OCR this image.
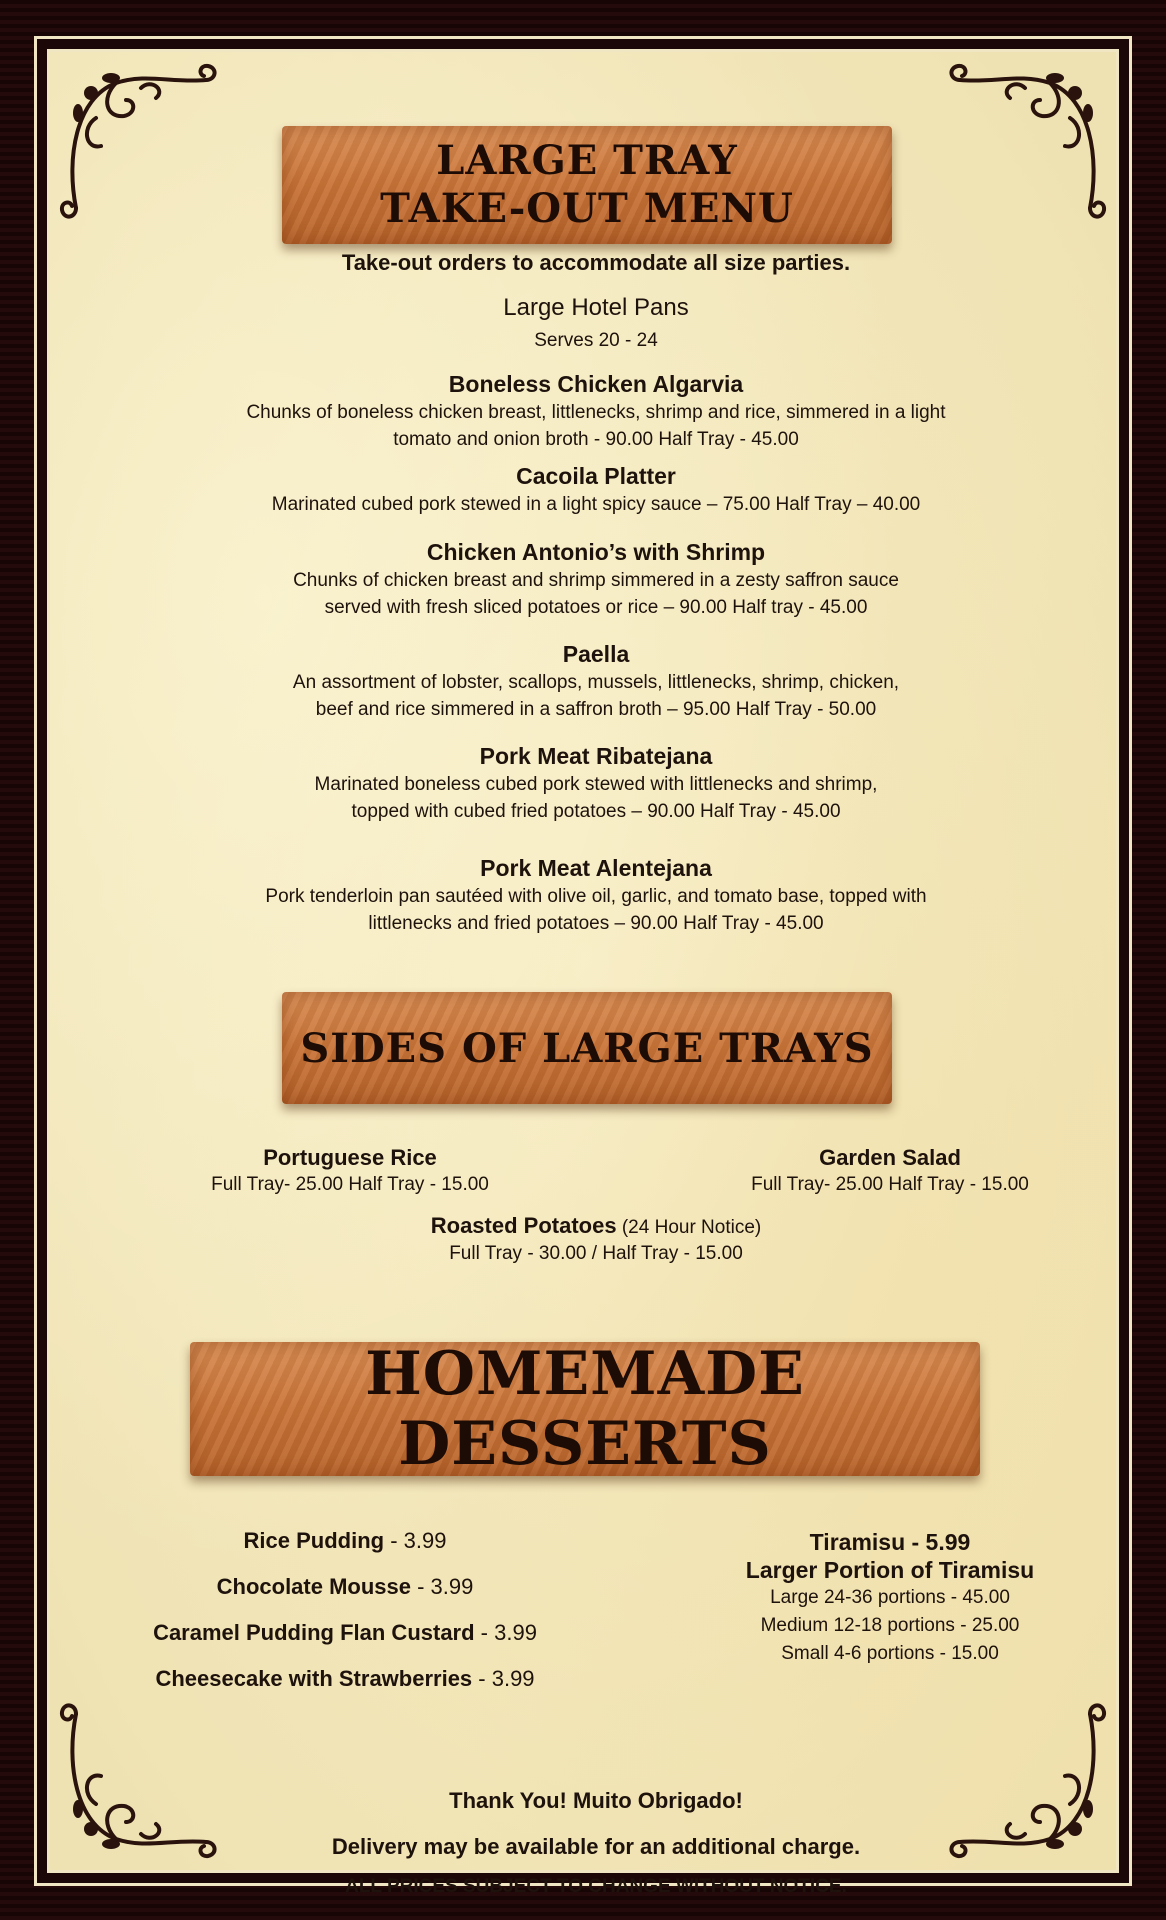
LARGE TRAY
TAKE-OUT MENU
Take-out orders to accommodate all size parties.
Large Hotel Pans
Serves 20 - 24

Boneless Chicken Algarvia

Chunks of boneless chicken breast, littlenecks, shrimp and rice, simmered in a light

tomato and onion broth - 90.00 Half Tray - 45.00

Cacoila Platter

Marinated cubed pork stewed in a light spicy sauce – 75.00 Half Tray – 40.00

Chicken Antonio’s with Shrimp

Chunks of chicken breast and shrimp simmered in a zesty saffron sauce

served with fresh sliced potatoes or rice – 90.00 Half tray - 45.00

Paella

An assortment of lobster, scallops, mussels, littlenecks, shrimp, chicken,

beef and rice simmered in a saffron broth – 95.00 Half Tray - 50.00

Pork Meat Ribatejana

Marinated boneless cubed pork stewed with littlenecks and shrimp,

topped with cubed fried potatoes – 90.00 Half Tray - 45.00

Pork Meat Alentejana

Pork tenderloin pan sautéed with olive oil, garlic, and tomato base, topped with

littlenecks and fried potatoes – 90.00 Half Tray - 45.00

SIDES OF LARGE TRAYS
Portuguese Rice
Full Tray- 25.00 Half Tray - 15.00
Garden Salad
Full Tray- 25.00 Half Tray - 15.00
Roasted Potatoes (24 Hour Notice)
Full Tray - 30.00 / Half Tray - 15.00
HOMEMADE DESSERTS
Rice Pudding - 3.99
Chocolate Mousse - 3.99
Caramel Pudding Flan Custard - 3.99
Cheesecake with Strawberries - 3.99
Tiramisu - 5.99
Larger Portion of Tiramisu
Large 24-36 portions - 45.00
Medium 12-18 portions - 25.00
Small 4-6 portions - 15.00
Thank You! Muito Obrigado!
Delivery may be available for an additional charge.
ALL PRICES SUBJECT TO CHANGE WITHOUT NOTICE.
